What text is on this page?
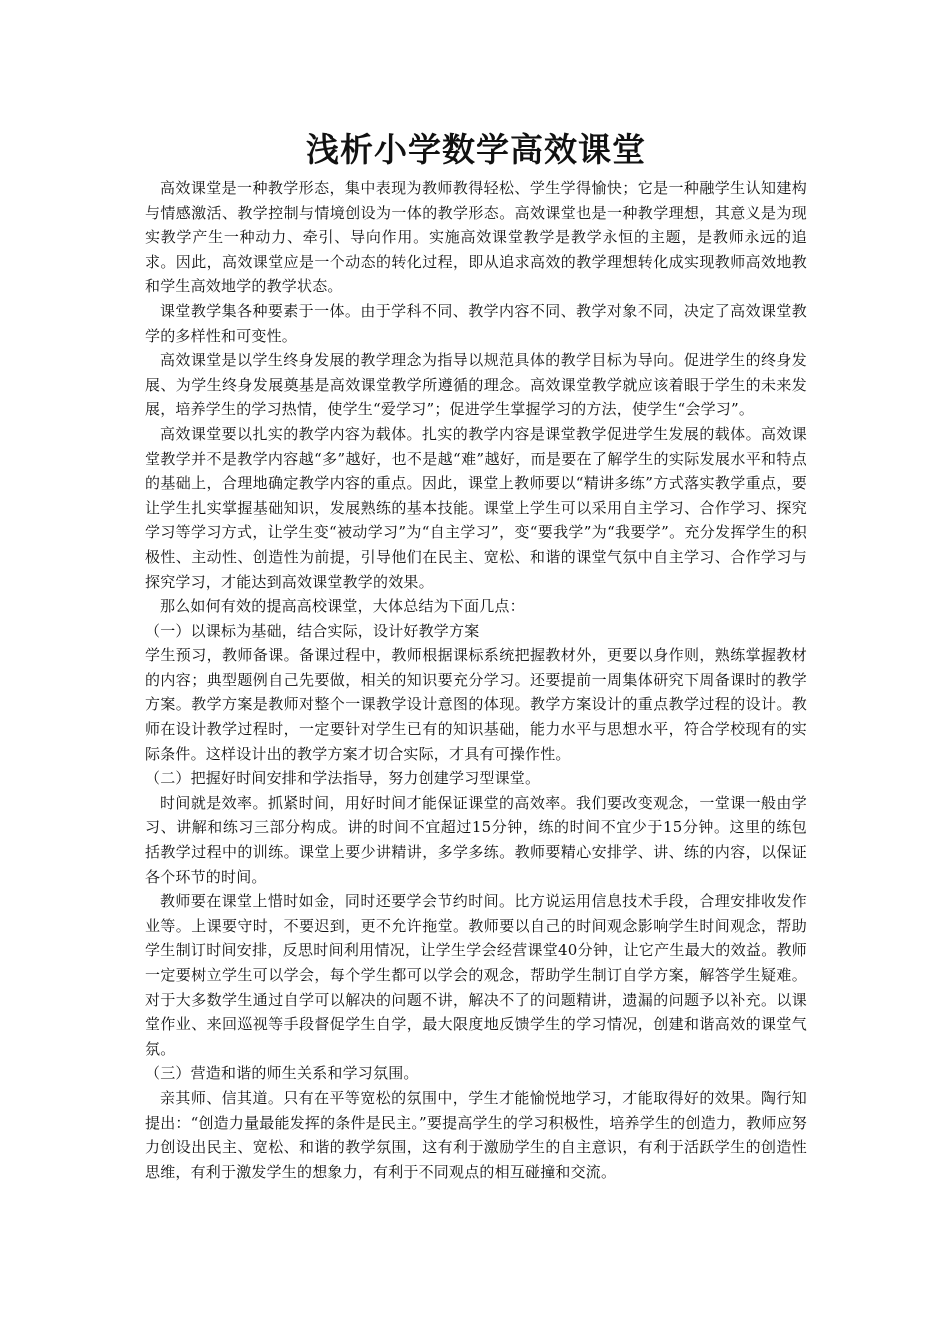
浅析小学数学高效课堂

高效课堂是一种教学形态，集中表现为教师教得轻松、学生学得愉快；它是一种融学生认知建构与情感激活、教学控制与情境创设为一体的教学形态。高效课堂也是一种教学理想，其意义是为现实教学产生一种动力、牵引、导向作用。实施高效课堂教学是教学永恒的主题，是教师永远的追求。因此，高效课堂应是一个动态的转化过程，即从追求高效的教学理想转化成实现教师高效地教和学生高效地学的教学状态。

课堂教学集各种要素于一体。由于学科不同、教学内容不同、教学对象不同，决定了高效课堂教学的多样性和可变性。

高效课堂是以学生终身发展的教学理念为指导以规范具体的教学目标为导向。促进学生的终身发展、为学生终身发展奠基是高效课堂教学所遵循的理念。高效课堂教学就应该着眼于学生的未来发展，培养学生的学习热情，使学生“爱学习”；促进学生掌握学习的方法，使学生“会学习”。

高效课堂要以扎实的教学内容为载体。扎实的教学内容是课堂教学促进学生发展的载体。高效课堂教学并不是教学内容越“多”越好，也不是越“难”越好，而是要在了解学生的实际发展水平和特点的基础上，合理地确定教学内容的重点。因此，课堂上教师要以“精讲多练”方式落实教学重点，要让学生扎实掌握基础知识，发展熟练的基本技能。课堂上学生可以采用自主学习、合作学习、探究学习等学习方式，让学生变“被动学习”为“自主学习”，变“要我学”为“我要学”。充分发挥学生的积极性、主动性、创造性为前提，引导他们在民主、宽松、和谐的课堂气氛中自主学习、合作学习与探究学习，才能达到高效课堂教学的效果。

那么如何有效的提高高校课堂，大体总结为下面几点：

（一）以课标为基础，结合实际，设计好教学方案

学生预习，教师备课。备课过程中，教师根据课标系统把握教材外，更要以身作则，熟练掌握教材的内容；典型题例自己先要做，相关的知识要充分学习。还要提前一周集体研究下周备课时的教学方案。教学方案是教师对整个一课教学设计意图的体现。教学方案设计的重点教学过程的设计。教师在设计教学过程时，一定要针对学生已有的知识基础，能力水平与思想水平，符合学校现有的实际条件。这样设计出的教学方案才切合实际，才具有可操作性。

（二）把握好时间安排和学法指导，努力创建学习型课堂。

时间就是效率。抓紧时间，用好时间才能保证课堂的高效率。我们要改变观念，一堂课一般由学习、讲解和练习三部分构成。讲的时间不宜超过15分钟，练的时间不宜少于15分钟。这里的练包括教学过程中的训练。课堂上要少讲精讲，多学多练。教师要精心安排学、讲、练的内容，以保证各个环节的时间。

教师要在课堂上惜时如金，同时还要学会节约时间。比方说运用信息技术手段，合理安排收发作业等。上课要守时，不要迟到，更不允许拖堂。教师要以自己的时间观念影响学生时间观念，帮助学生制订时间安排，反思时间利用情况，让学生学会经营课堂40分钟，让它产生最大的效益。教师一定要树立学生可以学会，每个学生都可以学会的观念，帮助学生制订自学方案，解答学生疑难。对于大多数学生通过自学可以解决的问题不讲，解决不了的问题精讲，遗漏的问题予以补充。以课堂作业、来回巡视等手段督促学生自学，最大限度地反馈学生的学习情况，创建和谐高效的课堂气氛。

（三）营造和谐的师生关系和学习氛围。

亲其师、信其道。只有在平等宽松的氛围中，学生才能愉悦地学习，才能取得好的效果。陶行知提出：“创造力量最能发挥的条件是民主。”要提高学生的学习积极性，培养学生的创造力，教师应努力创设出民主、宽松、和谐的教学氛围，这有利于激励学生的自主意识，有利于活跃学生的创造性思维，有利于激发学生的想象力，有利于不同观点的相互碰撞和交流。
